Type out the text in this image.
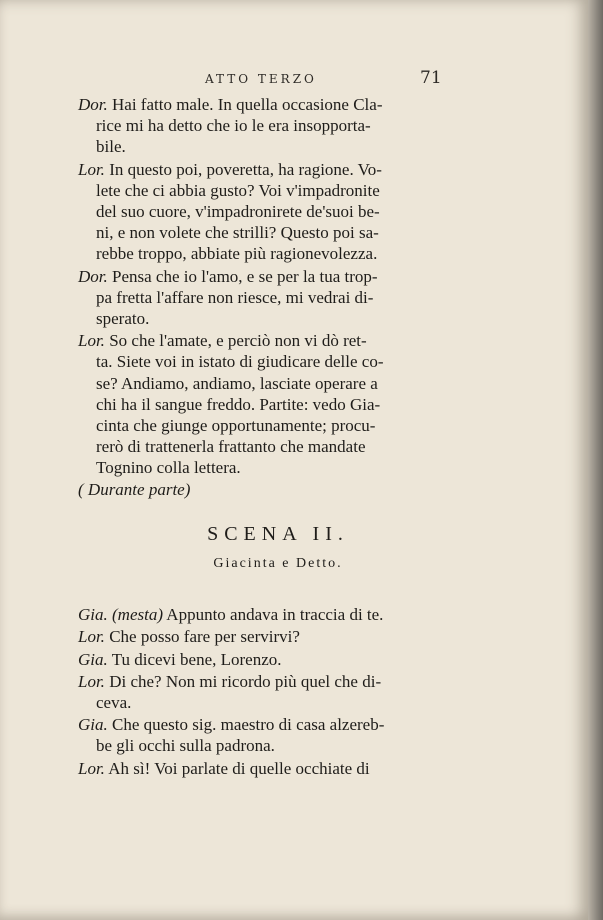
ATTO TERZO	71
Dor. Hai fatto male. In quella occasione Cla-
rice mi ha detto che io le era insopporta-
bile.
Lor. In questo poi, poveretta, ha ragione. Vo-
lete che ci abbia gusto? Voi v'impadronite
del suo cuore, v'impadronirete de'suoi be-
ni, e non volete che strilli? Questo poi sa-
rebbe troppo, abbiate più ragionevolezza.
Dor. Pensa che io l'amo, e se per la tua trop-
pa fretta l'affare non riesce, mi vedrai di-
sperato.
Lor. So che l'amate, e perciò non vi dò ret-
ta. Siete voi in istato di giudicare delle co-
se? Andiamo, andiamo, lasciate operare a
chi ha il sangue freddo. Partite: vedo Gia-
cinta che giunge opportunamente; procu-
rerò di trattenerla frattanto che mandate
Tognino colla lettera.
( Durante parte)
SCENA II.
Giacinta e Detto.
Gia. (mesta) Appunto andava in traccia di te.
Lor. Che posso fare per servirvi?
Gia. Tu dicevi bene, Lorenzo.
Lor. Di che? Non mi ricordo più quel che di-
ceva.
Gia. Che questo sig. maestro di casa alzereb-
be gli occhi sulla padrona.
Lor. Ah sì! Voi parlate di quelle occhiate di
